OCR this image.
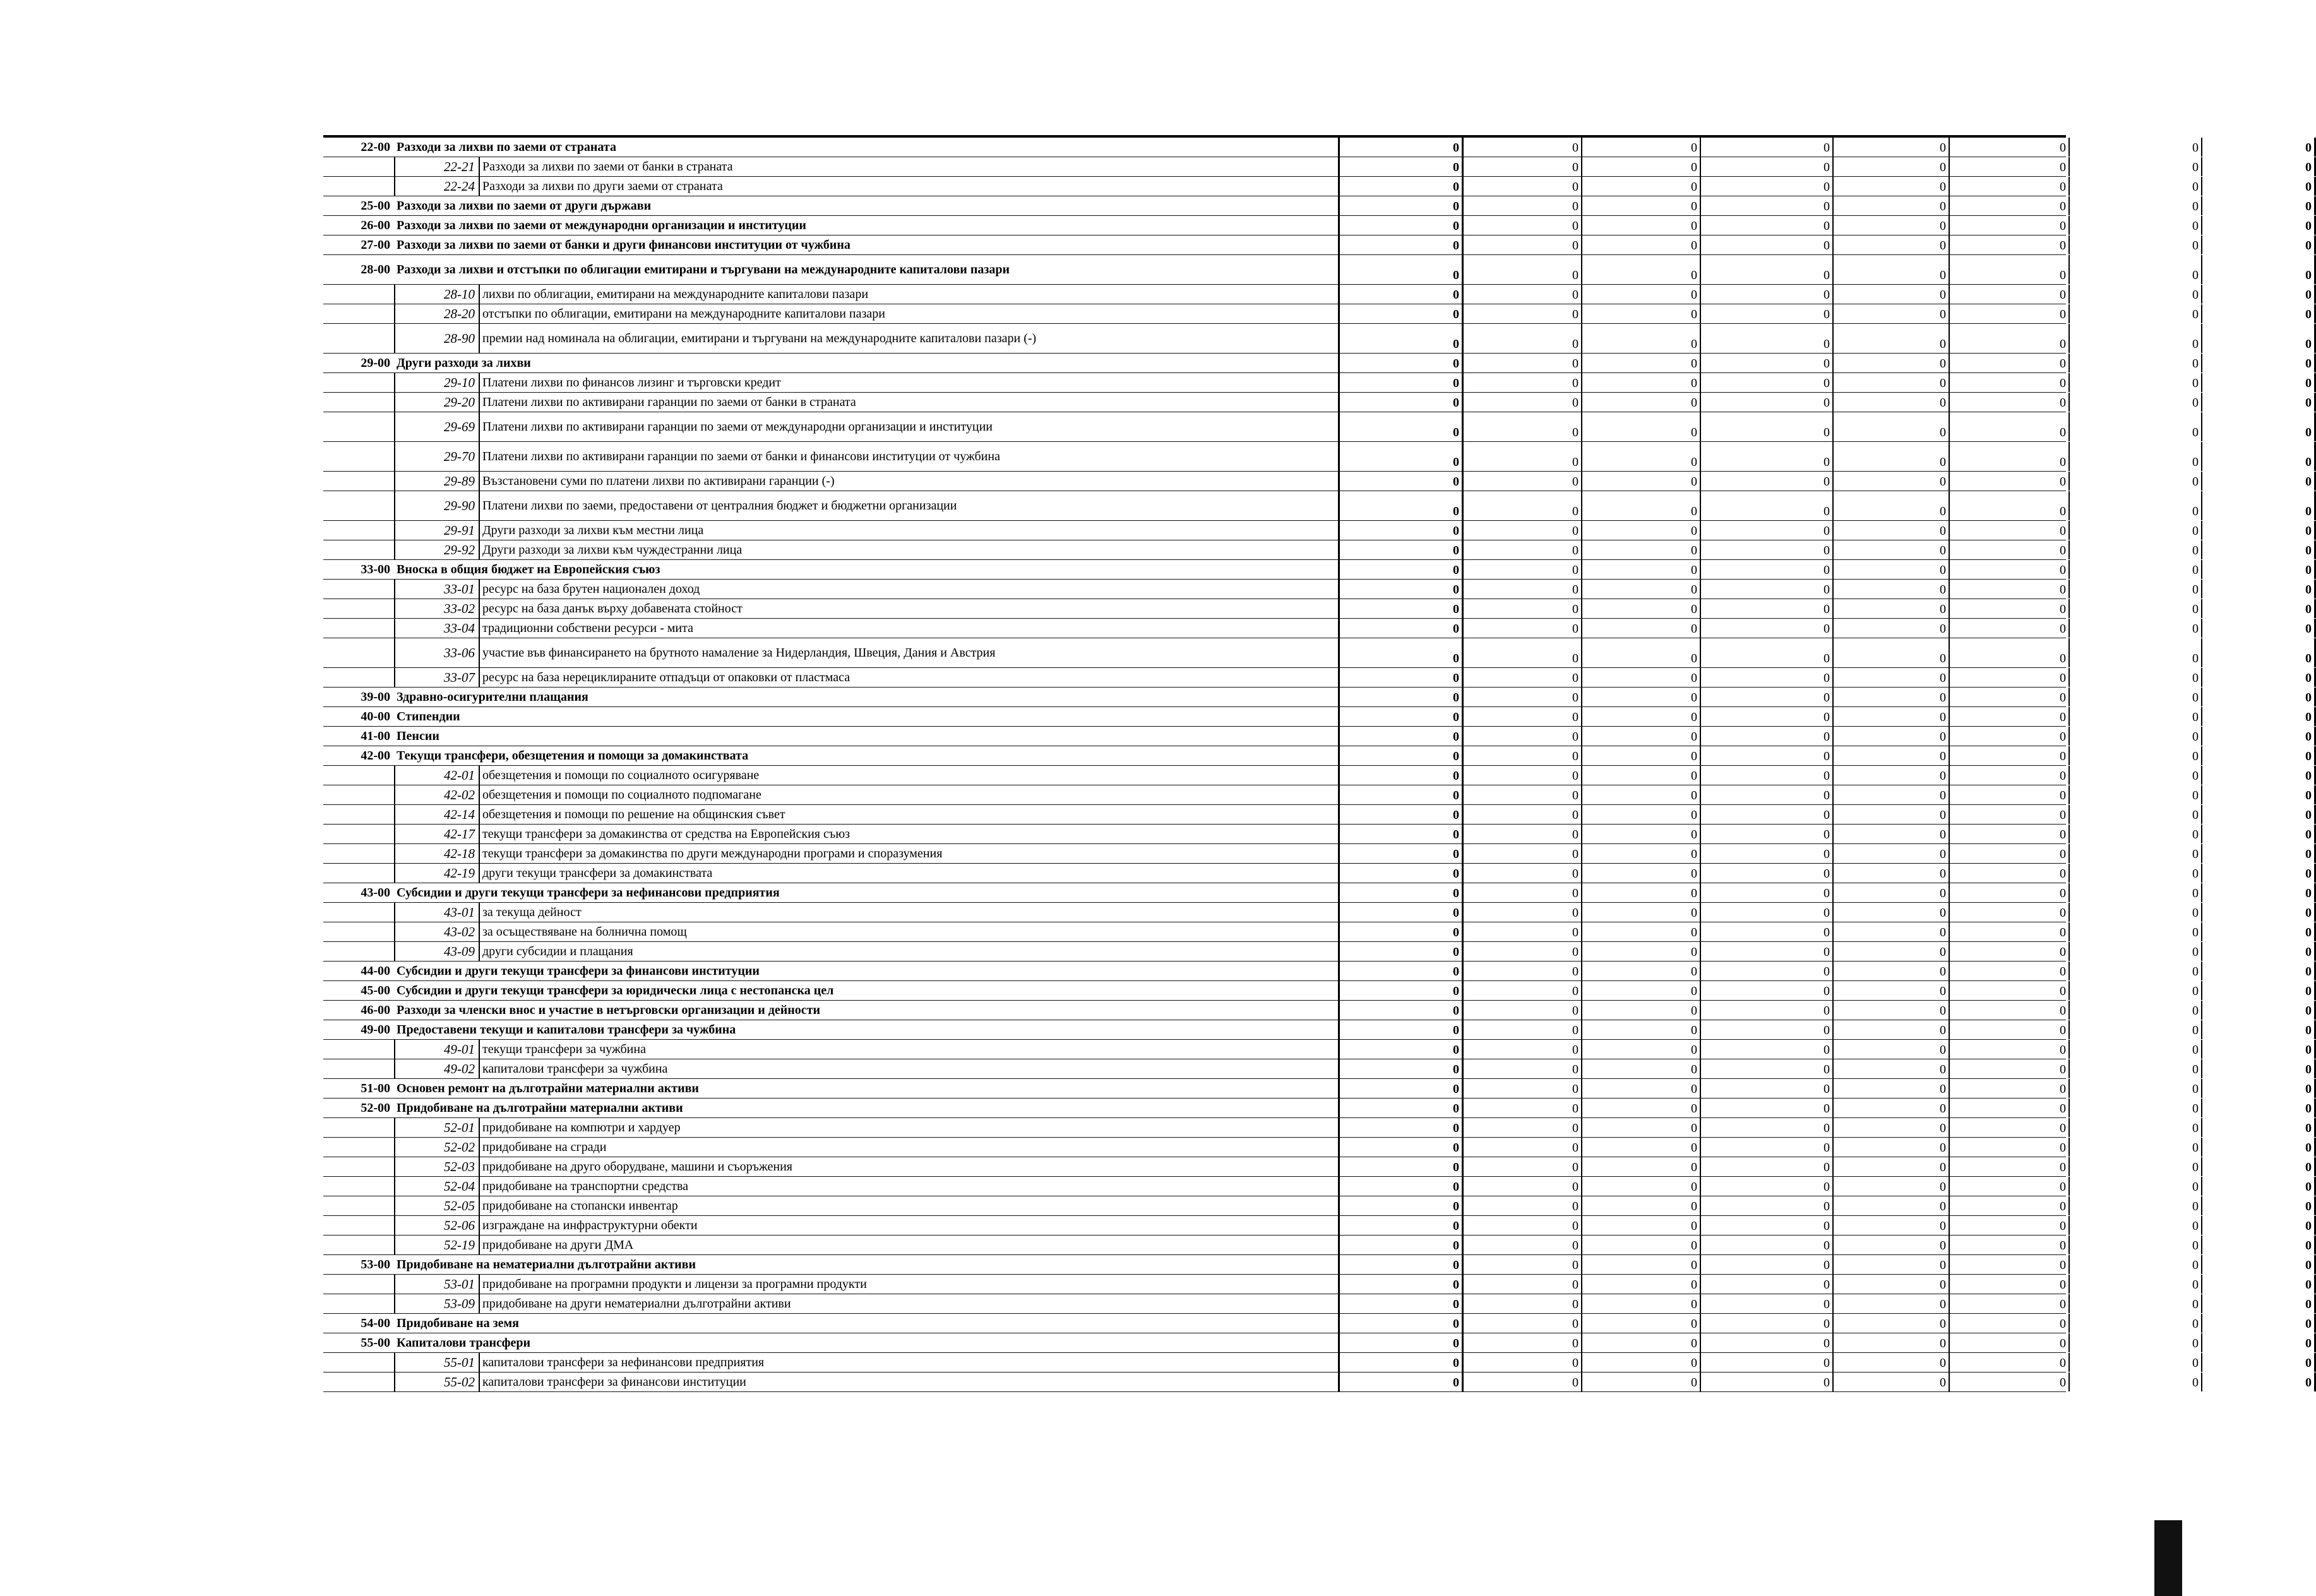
22-00 Разходи за лихви по заеми от страната	0	0	0	0	0	0	0	0
22-21 Разходи за лихви по заеми от банки в страната	0	0	0	0	0	0	0	0
22-24 Разходи за лихви по други заеми от страната	0	0	0	0	0	0	0	0
25-00 Разходи за лихви по заеми от други държави	0	0	0	0	0	0	0	0
26-00 Разходи за лихви по заеми от международни организации и институции	0	0	0	0	0	0	0	0
27-00 Разходи за лихви по заеми от банки и други финансови институции от чужбина	0	0	0	0	0	0	0	0
28-00 Разходи за лихви и отстъпки по облигации емитирани и търгувани на международните капиталови пазари	0	0	0	0	0	0	0	0
28-10 лихви по облигации, емитирани на международните капиталови пазари	0	0	0	0	0	0	0	0
28-20 отстъпки по облигации, емитирани на международните капиталови пазари	0	0	0	0	0	0	0	0
28-90 премии над номинала на облигации, емитирани и търгувани на международните капиталови пазари (-)	0	0	0	0	0	0	0	0
29-00 Други разходи за лихви	0	0	0	0	0	0	0	0
29-10 Платени лихви по финансов лизинг и търговски кредит	0	0	0	0	0	0	0	0
29-20 Платени лихви по активирани гаранции по заеми от банки в страната	0	0	0	0	0	0	0	0
29-69 Платени лихви по активирани гаранции по заеми от международни организации и институции	0	0	0	0	0	0	0	0
29-70 Платени лихви по активирани гаранции по заеми от банки и финансови институции от чужбина	0	0	0	0	0	0	0	0
29-89 Възстановени суми по платени лихви по активирани гаранции (-)	0	0	0	0	0	0	0	0
29-90 Платени лихви по заеми, предоставени от централния бюджет и бюджетни организации	0	0	0	0	0	0	0	0
29-91 Други разходи за лихви към местни лица	0	0	0	0	0	0	0	0
29-92 Други разходи за лихви към чуждестранни лица	0	0	0	0	0	0	0	0
33-00 Вноска в общия бюджет на Европейския съюз	0	0	0	0	0	0	0	0
33-01 ресурс на база брутен национален доход	0	0	0	0	0	0	0	0
33-02 ресурс на база данък върху добавената стойност	0	0	0	0	0	0	0	0
33-04 традиционни собствени ресурси - мита	0	0	0	0	0	0	0	0
33-06 участие във финансирането на брутното намаление за Нидерландия, Швеция, Дания и Австрия	0	0	0	0	0	0	0	0
33-07 ресурс на база нерециклираните отпадъци от опаковки от пластмаса	0	0	0	0	0	0	0	0
39-00 Здравно-осигурителни плащания	0	0	0	0	0	0	0	0
40-00 Стипендии	0	0	0	0	0	0	0	0
41-00 Пенсии	0	0	0	0	0	0	0	0
42-00 Текущи трансфери, обезщетения и помощи за домакинствата	0	0	0	0	0	0	0	0
42-01 обезщетения и помощи по социалното осигуряване	0	0	0	0	0	0	0	0
42-02 обезщетения и помощи по социалното подпомагане	0	0	0	0	0	0	0	0
42-14 обезщетения и помощи по решение на общинския съвет	0	0	0	0	0	0	0	0
42-17 текущи трансфери за домакинства от средства на Европейския съюз	0	0	0	0	0	0	0	0
42-18 текущи трансфери за домакинства по други международни програми и споразумения	0	0	0	0	0	0	0	0
42-19 други текущи трансфери за домакинствата	0	0	0	0	0	0	0	0
43-00 Субсидии и други текущи трансфери за нефинансови предприятия	0	0	0	0	0	0	0	0
43-01 за текуща дейност	0	0	0	0	0	0	0	0
43-02 за осъществяване на болнична помощ	0	0	0	0	0	0	0	0
43-09 други субсидии и плащания	0	0	0	0	0	0	0	0
44-00 Субсидии и други текущи трансфери за финансови институции	0	0	0	0	0	0	0	0
45-00 Субсидии и други текущи трансфери за юридически лица с нестопанска цел	0	0	0	0	0	0	0	0
46-00 Разходи за членски внос и участие в нетърговски организации и дейности	0	0	0	0	0	0	0	0
49-00 Предоставени текущи и капиталови трансфери за чужбина	0	0	0	0	0	0	0	0
49-01 текущи трансфери за чужбина	0	0	0	0	0	0	0	0
49-02 капиталови трансфери за чужбина	0	0	0	0	0	0	0	0
51-00 Основен ремонт на дълготрайни материални активи	0	0	0	0	0	0	0	0
52-00 Придобиване на дълготрайни материални активи	0	0	0	0	0	0	0	0
52-01 придобиване на компютри и хардуер	0	0	0	0	0	0	0	0
52-02 придобиване на сгради	0	0	0	0	0	0	0	0
52-03 придобиване на друго оборудване, машини и съоръжения	0	0	0	0	0	0	0	0
52-04 придобиване на транспортни средства	0	0	0	0	0	0	0	0
52-05 придобиване на стопански инвентар	0	0	0	0	0	0	0	0
52-06 изграждане на инфраструктурни обекти	0	0	0	0	0	0	0	0
52-19 придобиване на други ДМА	0	0	0	0	0	0	0	0
53-00 Придобиване на нематериални дълготрайни активи	0	0	0	0	0	0	0	0
53-01 придобиване на програмни продукти и лицензи за програмни продукти	0	0	0	0	0	0	0	0
53-09 придобиване на други нематериални дълготрайни активи	0	0	0	0	0	0	0	0
54-00 Придобиване на земя	0	0	0	0	0	0	0	0
55-00 Капиталови трансфери	0	0	0	0	0	0	0	0
55-01 капиталови трансфери за нефинансови предприятия	0	0	0	0	0	0	0	0
55-02 капиталови трансфери за финансови институции	0	0	0	0	0	0	0	0
